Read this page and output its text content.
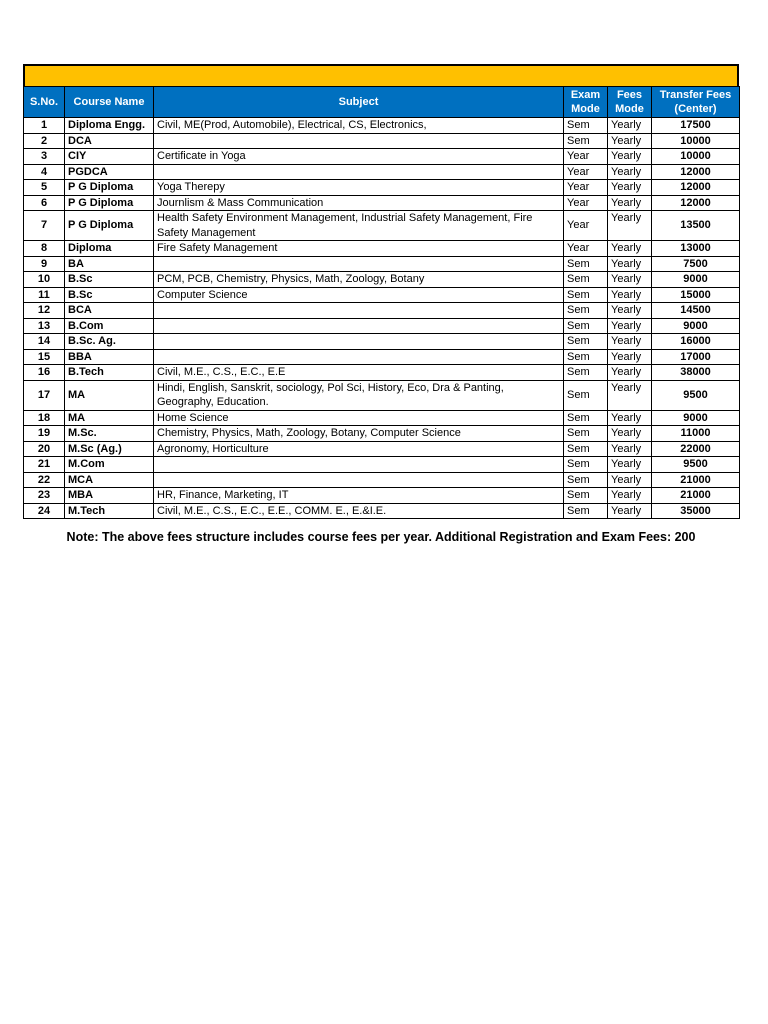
S.No.	Course Name	Subject	Exam Mode	Fees Mode	Transfer Fees (Center)
1	Diploma Engg.	Civil, ME(Prod, Automobile), Electrical, CS, Electronics,	Sem	Yearly	17500
2	DCA		Sem	Yearly	10000
3	CIY	Certificate in Yoga	Year	Yearly	10000
4	PGDCA		Year	Yearly	12000
5	P G Diploma	Yoga Therepy	Year	Yearly	12000
6	P G Diploma	Journlism & Mass Communication	Year	Yearly	12000
7	P G Diploma	Health Safety Environment Management, Industrial Safety Management, Fire Safety Management	Year	Yearly	13500
8	Diploma	Fire Safety Management	Year	Yearly	13000
9	BA		Sem	Yearly	7500
10	B.Sc	PCM, PCB, Chemistry, Physics, Math, Zoology, Botany	Sem	Yearly	9000
11	B.Sc	Computer Science	Sem	Yearly	15000
12	BCA		Sem	Yearly	14500
13	B.Com		Sem	Yearly	9000
14	B.Sc. Ag.		Sem	Yearly	16000
15	BBA		Sem	Yearly	17000
16	B.Tech	Civil, M.E., C.S., E.C., E.E	Sem	Yearly	38000
17	MA	Hindi, English, Sanskrit, sociology, Pol Sci, History, Eco, Dra & Panting, Geography, Education.	Sem	Yearly	9500
18	MA	Home Science	Sem	Yearly	9000
19	M.Sc.	Chemistry, Physics, Math, Zoology, Botany, Computer Science	Sem	Yearly	11000
20	M.Sc (Ag.)	Agronomy, Horticulture	Sem	Yearly	22000
21	M.Com		Sem	Yearly	9500
22	MCA		Sem	Yearly	21000
23	MBA	HR, Finance, Marketing, IT	Sem	Yearly	21000
24	M.Tech	Civil, M.E., C.S., E.C., E.E., COMM. E., E.&I.E.	Sem	Yearly	35000
Note: The above fees structure includes course fees per year. Additional Registration and Exam Fees: 200
